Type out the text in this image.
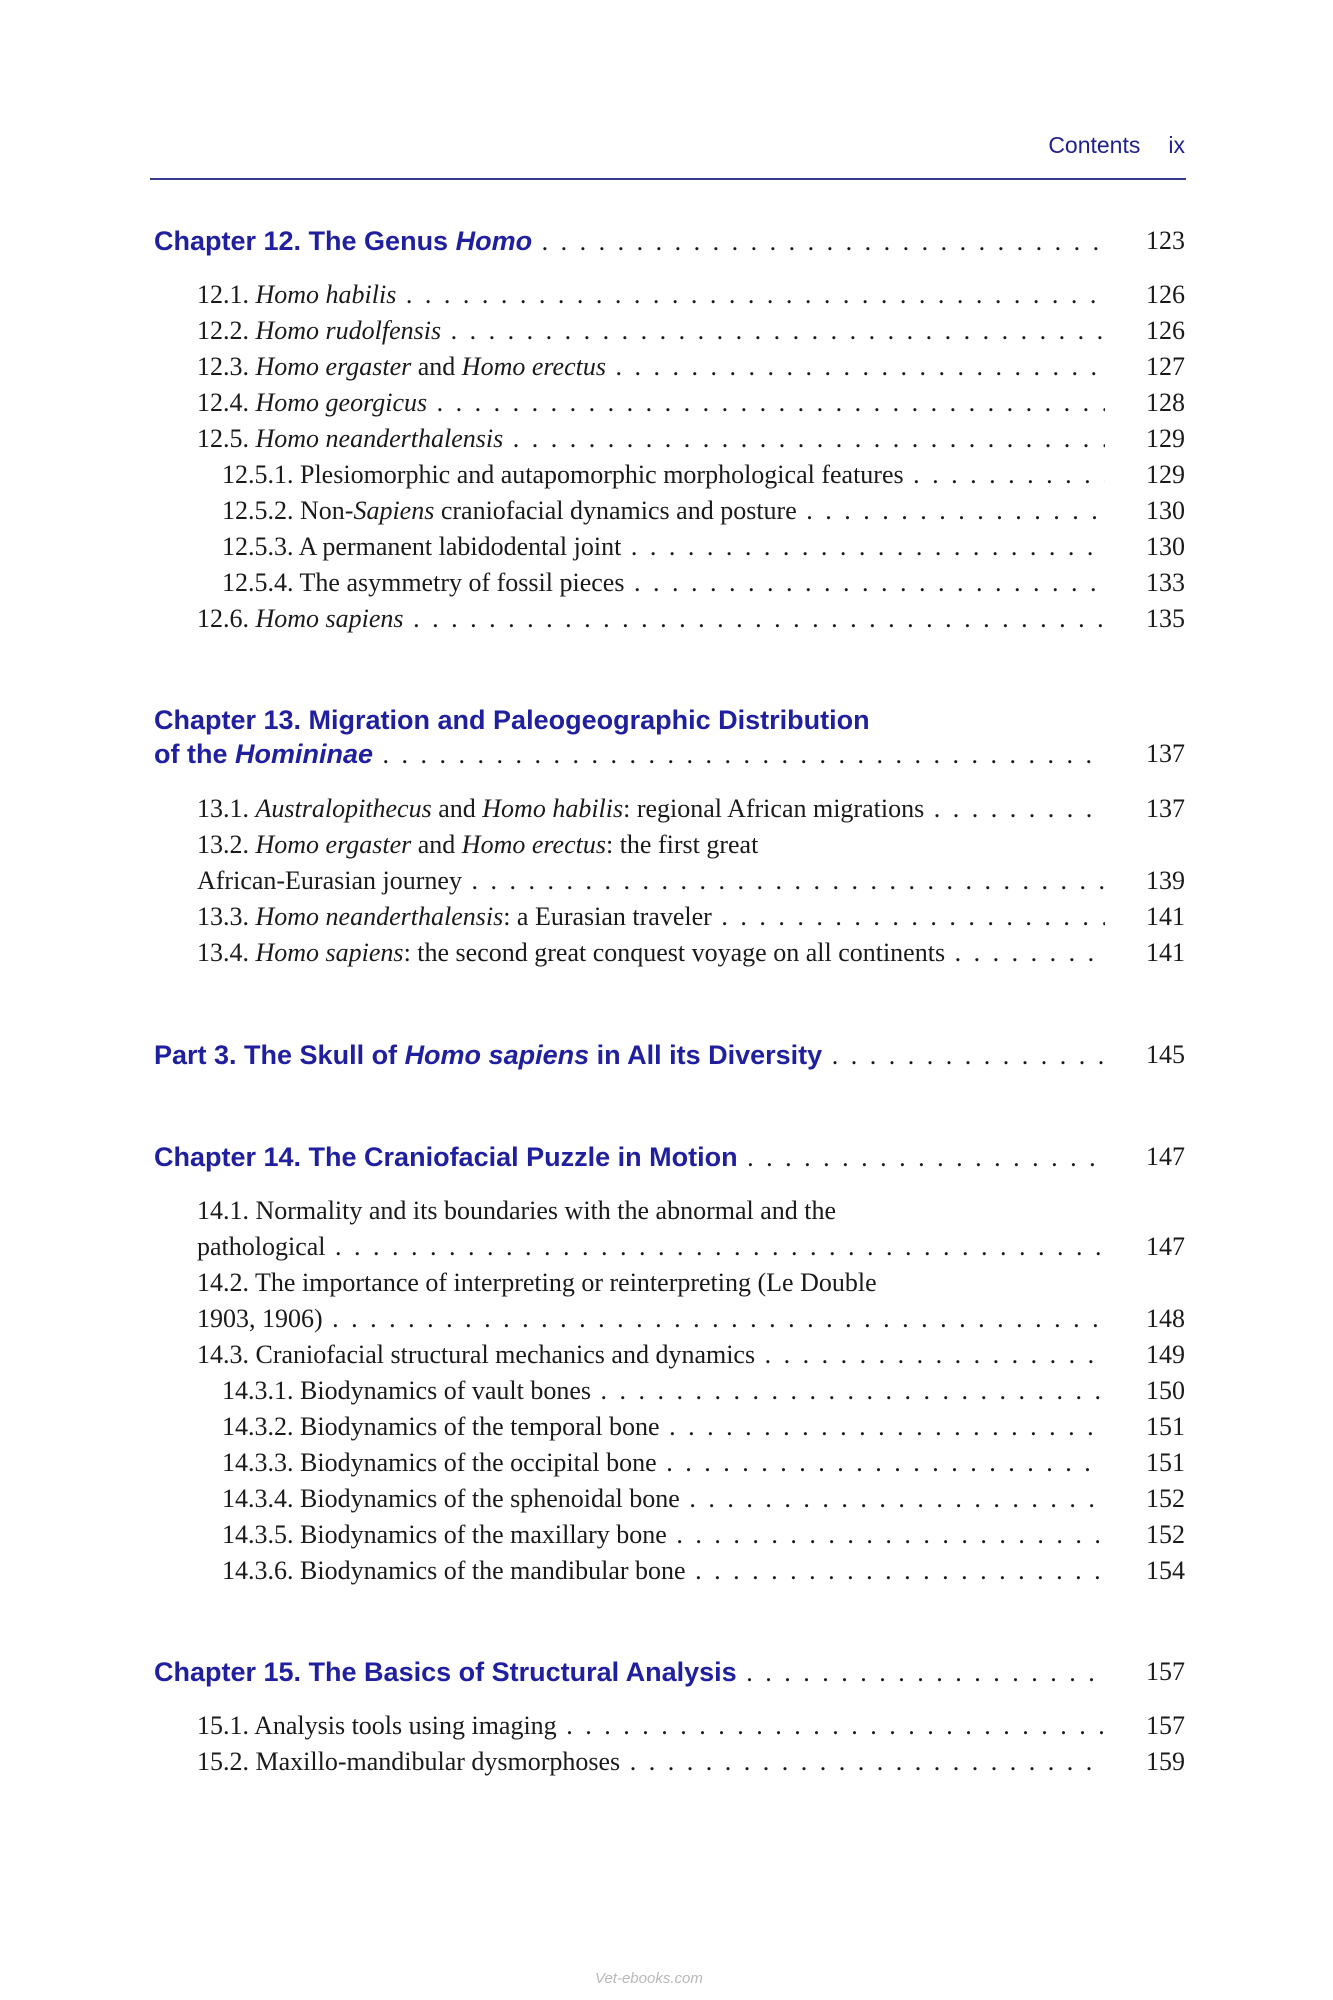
Contents ix
Chapter 12. The Genus Homo . . .	123
12.1. Homo habilis . . .	126
12.2. Homo rudolfensis . . .	126
12.3. Homo ergaster and Homo erectus . . .	127
12.4. Homo georgicus . . .	128
12.5. Homo neanderthalensis . . .	129
12.5.1. Plesiomorphic and autapomorphic morphological features . . .	129
12.5.2. Non-Sapiens craniofacial dynamics and posture . . .	130
12.5.3. A permanent labidodental joint . . .	130
12.5.4. The asymmetry of fossil pieces . . .	133
12.6. Homo sapiens . . .	135
Chapter 13. Migration and Paleogeographic Distribution
of the Homininae . . .	137
13.1. Australopithecus and Homo habilis: regional African migrations . . .	137
13.2. Homo ergaster and Homo erectus: the first great
African-Eurasian journey . . .	139
13.3. Homo neanderthalensis: a Eurasian traveler . . .	141
13.4. Homo sapiens: the second great conquest voyage on all continents . . .	141
Part 3. The Skull of Homo sapiens in All its Diversity . . .	145
Chapter 14. The Craniofacial Puzzle in Motion . . .	147
14.1. Normality and its boundaries with the abnormal and the
pathological . . .	147
14.2. The importance of interpreting or reinterpreting (Le Double
1903, 1906) . . .	148
14.3. Craniofacial structural mechanics and dynamics . . .	149
14.3.1. Biodynamics of vault bones . . .	150
14.3.2. Biodynamics of the temporal bone . . .	151
14.3.3. Biodynamics of the occipital bone . . .	151
14.3.4. Biodynamics of the sphenoidal bone . . .	152
14.3.5. Biodynamics of the maxillary bone . . .	152
14.3.6. Biodynamics of the mandibular bone . . .	154
Chapter 15. The Basics of Structural Analysis . . .	157
15.1. Analysis tools using imaging . . .	157
15.2. Maxillo-mandibular dysmorphoses . . .	159
Vet-ebooks.com
